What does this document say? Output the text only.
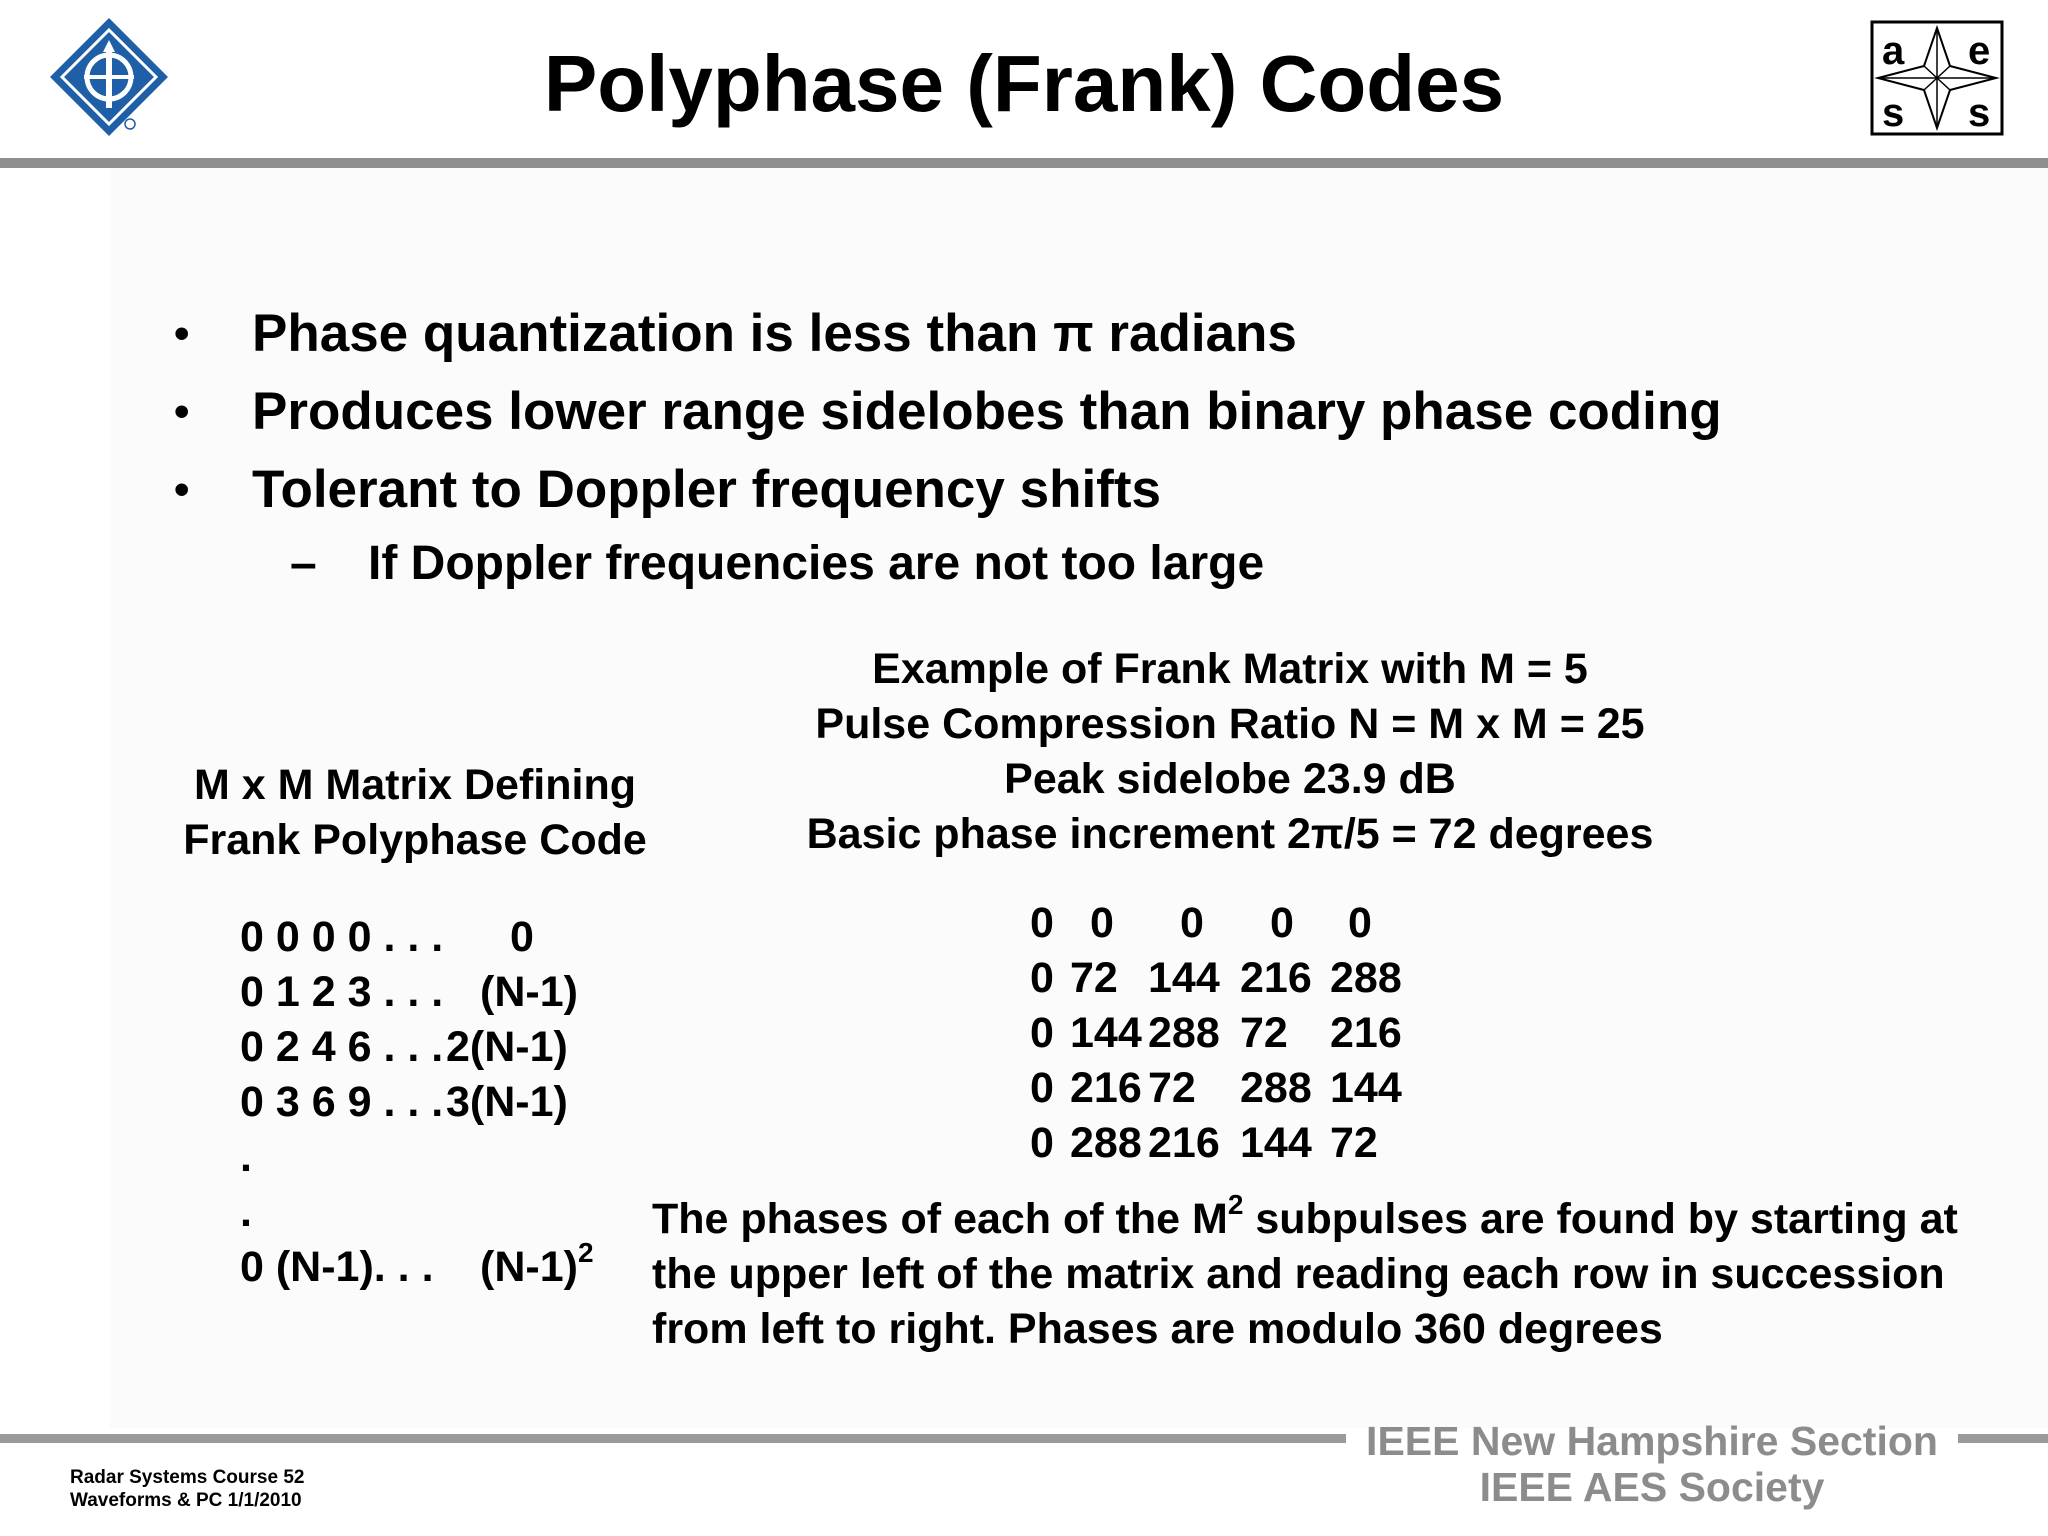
Polyphase (Frank) Codes	a e
s s
• Phase quantization is less than π radians
• Produces lower range sidelobes than binary phase coding
• Tolerant to Doppler frequency shifts
– If Doppler frequencies are not too large
M x M Matrix Defining
Frank Polyphase Code
0 0 0 0 . . . 0
0 1 2 3 . . . (N-1)
0 2 4 6 . . . 2(N-1)
0 3 6 9 . . . 3(N-1)
.
.
0 (N-1). . . $(N-1)^2$
Example of Frank Matrix with M = 5
Pulse Compression Ratio N = M x M = 25
Peak sidelobe 23.9 dB
Basic phase increment 2π/5 = 72 degrees
0 0 0 0 0
0 72 144 216 288
0 144 288 72 216
0 216 72 288 144
0 288 216 144 72
The phases of each of the $M^2$ subpulses are found by starting at the upper left of the matrix and reading each row in succession from left to right. Phases are modulo 360 degrees
IEEE New Hampshire Section
IEEE AES Society
Radar Systems Course 52
Waveforms & PC 1/1/2010
